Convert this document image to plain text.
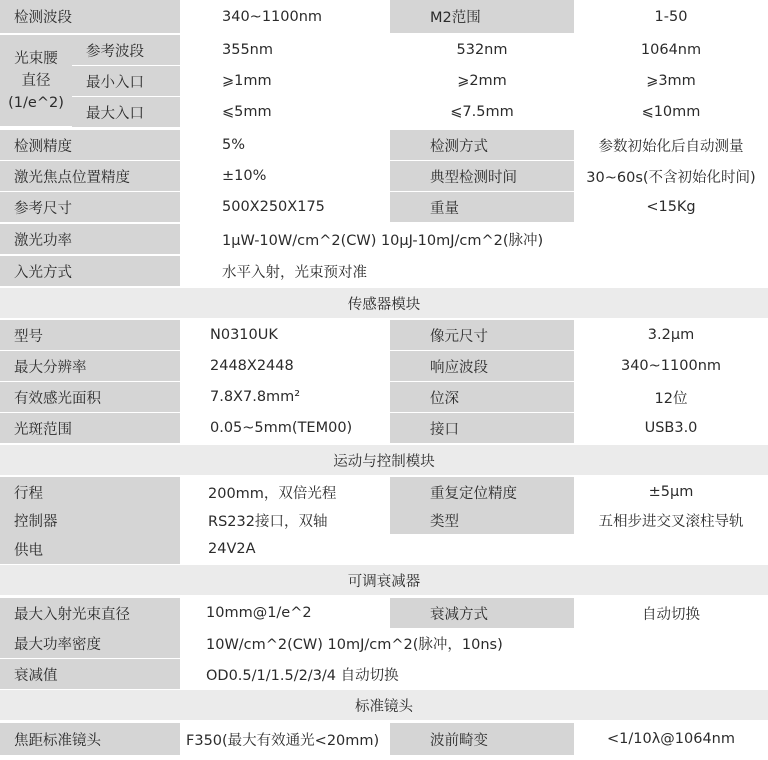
检测波段	340~1100nm	M2范围	1-50
光束腰
直径
(1/e^2)
参考波段	355nm	532nm	1064nm
最小入口	⩾1mm	⩾2mm	⩾3mm
最大入口	⩽5mm	⩽7.5mm	⩽10mm
检测精度	5%	检测方式	参数初始化后自动测量
激光焦点位置精度	±10%	典型检测时间	30~60s(不含初始化时间)
参考尺寸	500X250X175	重量	<15Kg
激光功率	1μW-10W/cm^2(CW) 10μJ-10mJ/cm^2(脉冲)
入光方式	水平入射，光束预对准
传感器模块
型号	N0310UK	像元尺寸	3.2μm
最大分辨率	2448X2448	响应波段	340~1100nm
有效感光面积	7.8X7.8mm²	位深	12位
光斑范围	0.05~5mm(TEM00)	接口	USB3.0
运动与控制模块
行程	200mm，双倍光程	重复定位精度	±5μm
控制器	RS232接口，双轴	类型	五相步进交叉滚柱导轨
供电	24V2A
可调衰减器
最大入射光束直径	10mm@1/e^2	衰减方式	自动切换
最大功率密度	10W/cm^2(CW) 10mJ/cm^2(脉冲，10ns)
衰减值	OD0.5/1/1.5/2/3/4 自动切换
标准镜头
焦距标准镜头	F350(最大有效通光<20mm)	波前畸变	<1/10λ@1064nm
